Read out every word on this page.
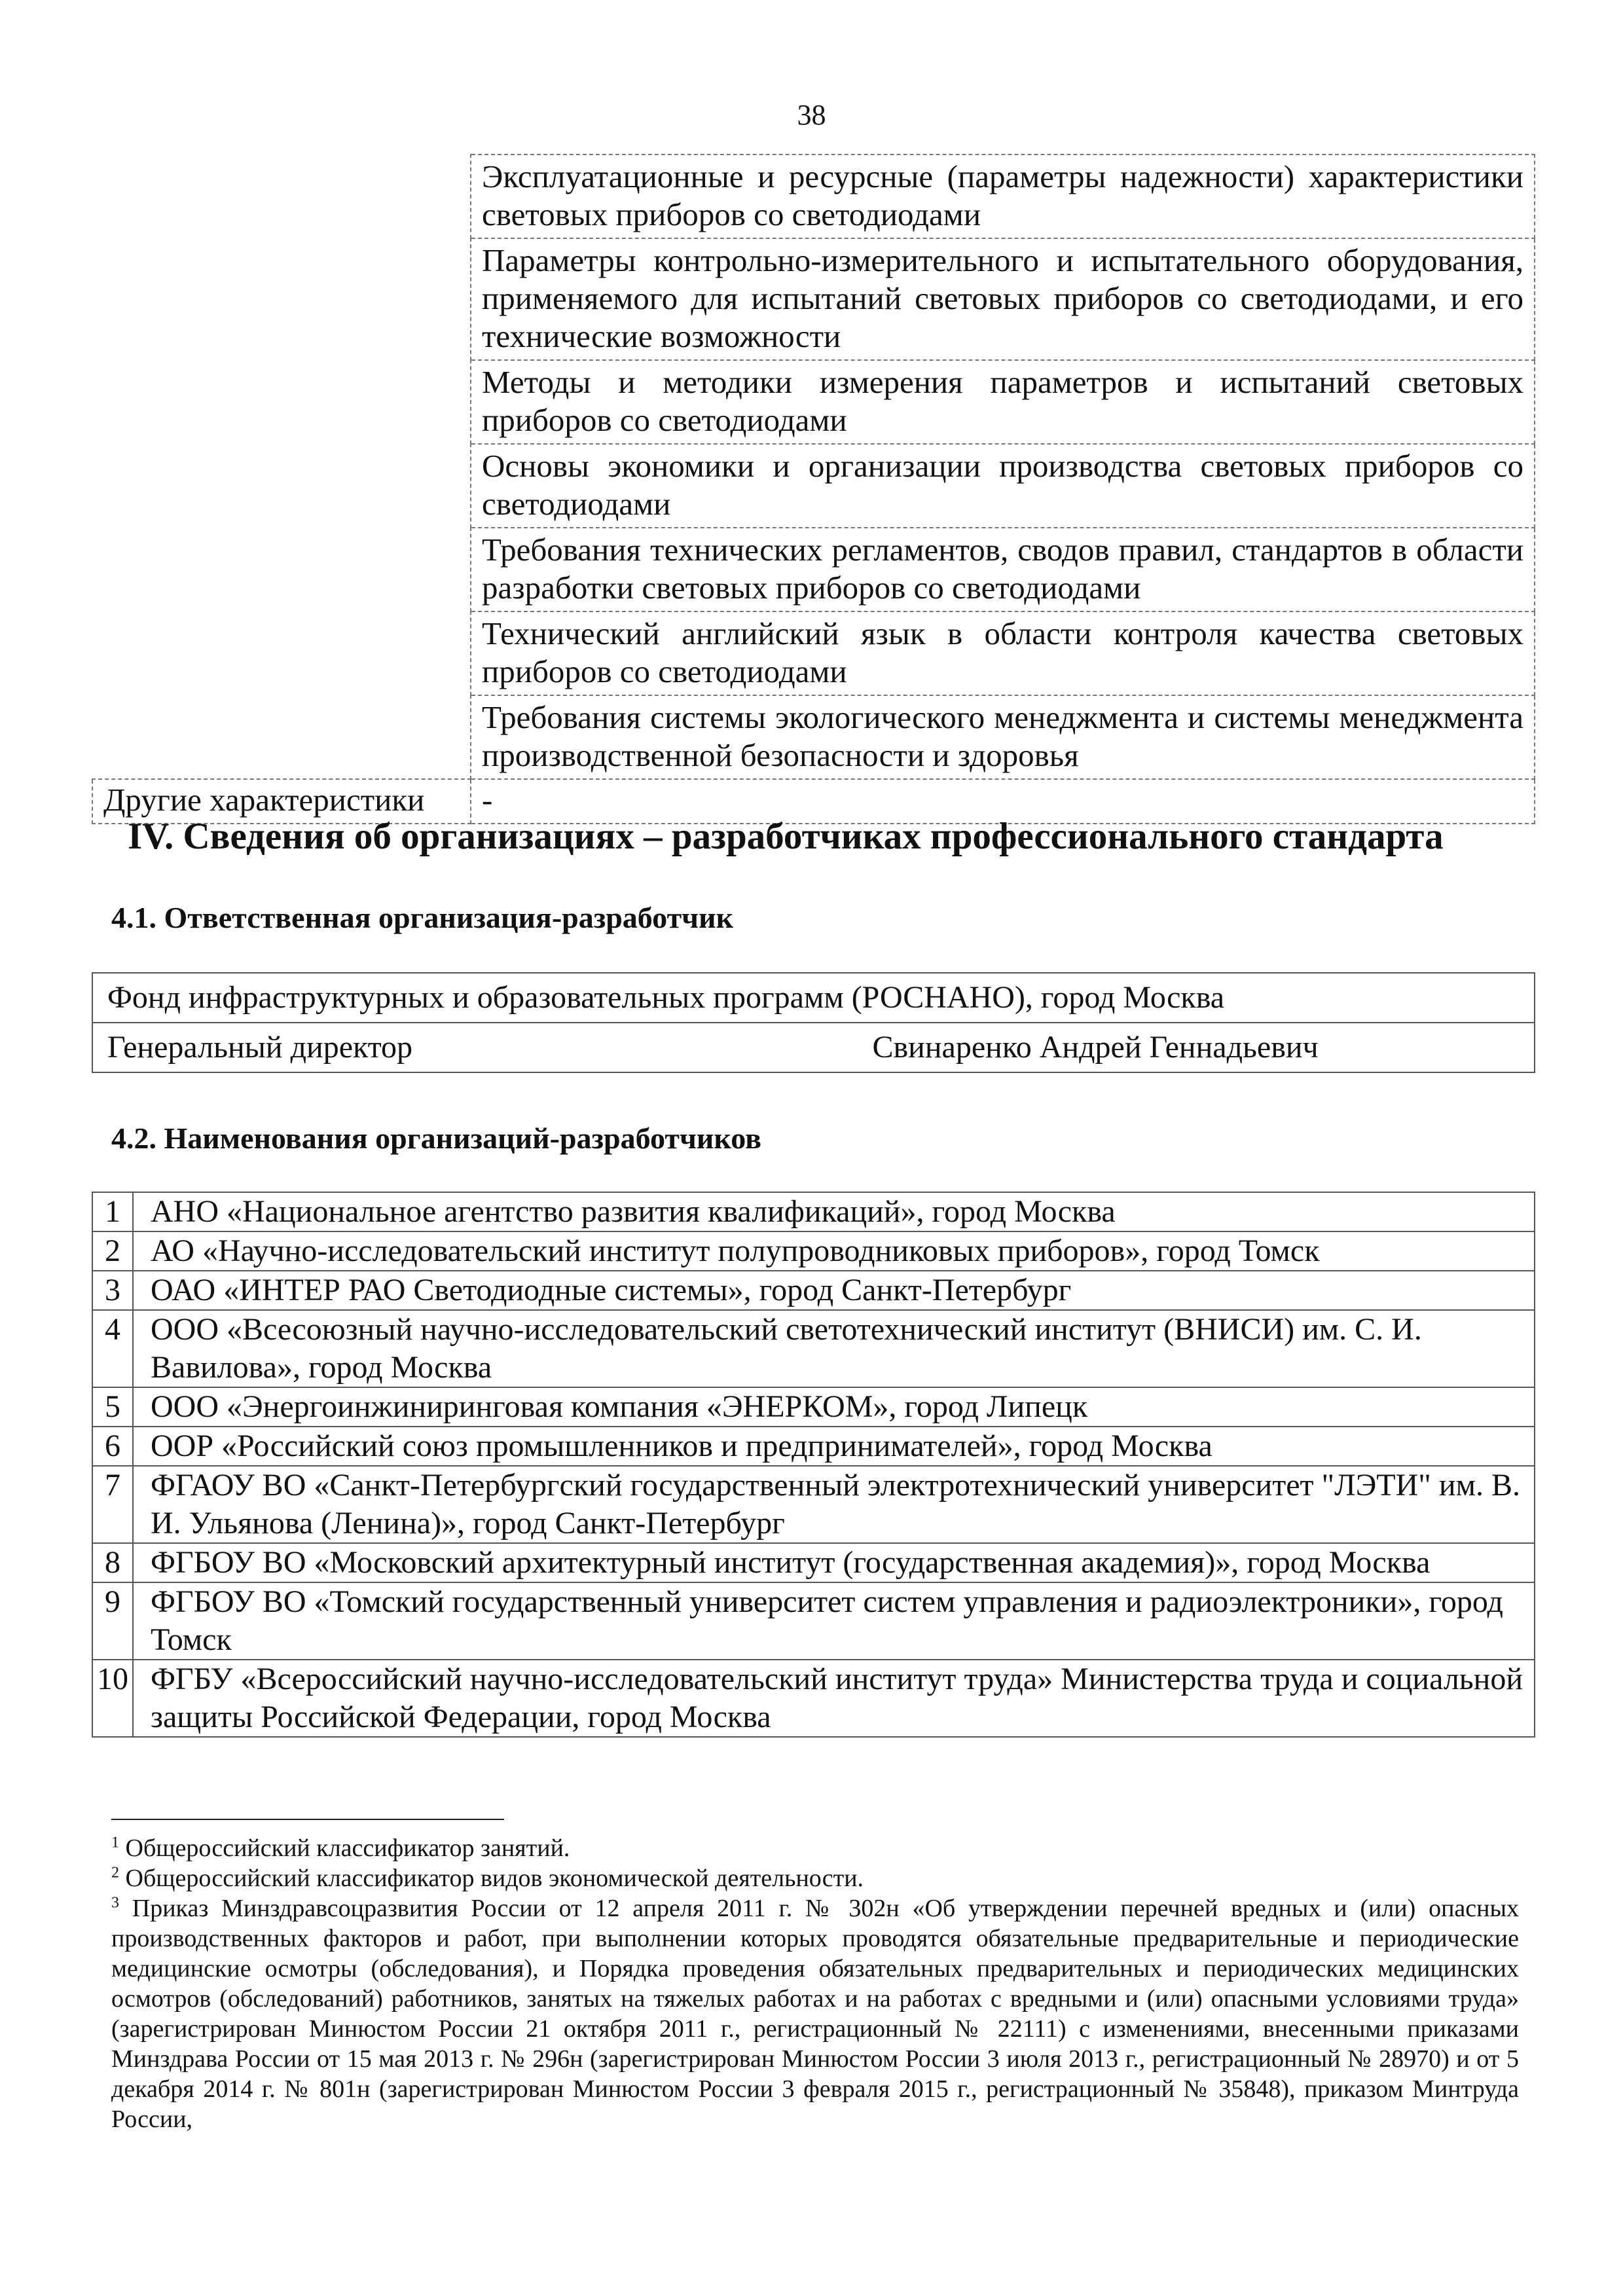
38
	Эксплуатационные и ресурсные (параметры надежности) характеристики световых приборов со светодиодами
	Параметры контрольно-измерительного и испытательного оборудования, применяемого для испытаний световых приборов со светодиодами, и его технические возможности
	Методы и методики измерения параметров и испытаний световых приборов со светодиодами
	Основы экономики и организации производства световых приборов со светодиодами
	Требования технических регламентов, сводов правил, стандартов в области разработки световых приборов со светодиодами
	Технический английский язык в области контроля качества световых приборов со светодиодами
	Требования системы экологического менеджмента и системы менеджмента производственной безопасности и здоровья
Другие характеристики	-
IV. Сведения об организациях – разработчиках профессионального стандарта
4.1. Ответственная организация-разработчик
Фонд инфраструктурных и образовательных программ (РОСНАНО), город Москва
Генеральный директор	Свинаренко Андрей Геннадьевич
4.2. Наименования организаций-разработчиков
1	АНО «Национальное агентство развития квалификаций», город Москва
2	АО «Научно-исследовательский институт полупроводниковых приборов», город Томск
3	ОАО «ИНТЕР РАО Светодиодные системы», город Санкт-Петербург
4	ООО «Всесоюзный научно-исследовательский светотехнический институт (ВНИСИ) им. С. И. Вавилова», город Москва
5	ООО «Энергоинжиниринговая компания «ЭНЕРКОМ», город Липецк
6	ООР «Российский союз промышленников и предпринимателей», город Москва
7	ФГАОУ ВО «Санкт-Петербургский государственный электротехнический университет "ЛЭТИ" им. В. И. Ульянова (Ленина)», город Санкт-Петербург
8	ФГБОУ ВО «Московский архитектурный институт (государственная академия)», город Москва
9	ФГБОУ ВО «Томский государственный университет систем управления и радиоэлектроники», город Томск
10	ФГБУ «Всероссийский научно-исследовательский институт труда» Министерства труда и социальной защиты Российской Федерации, город Москва

$^1$ Общероссийский классификатор занятий.

$^2$ Общероссийский классификатор видов экономической деятельности.

$^3$ Приказ Минздравсоцразвития России от 12 апреля 2011 г. № 302н «Об утверждении перечней вредных и (или) опасных производственных факторов и работ, при выполнении которых проводятся обязательные предварительные и периодические медицинские осмотры (обследования), и Порядка проведения обязательных предварительных и периодических медицинских осмотров (обследований) работников, занятых на тяжелых работах и на работах с вредными и (или) опасными условиями труда» (зарегистрирован Минюстом России 21 октября 2011 г., регистрационный № 22111) с изменениями, внесенными приказами Минздрава России от 15 мая 2013 г. № 296н (зарегистрирован Минюстом России 3 июля 2013 г., регистрационный № 28970) и от 5 декабря 2014 г. № 801н (зарегистрирован Минюстом России 3 февраля 2015 г., регистрационный № 35848), приказом Минтруда России,
